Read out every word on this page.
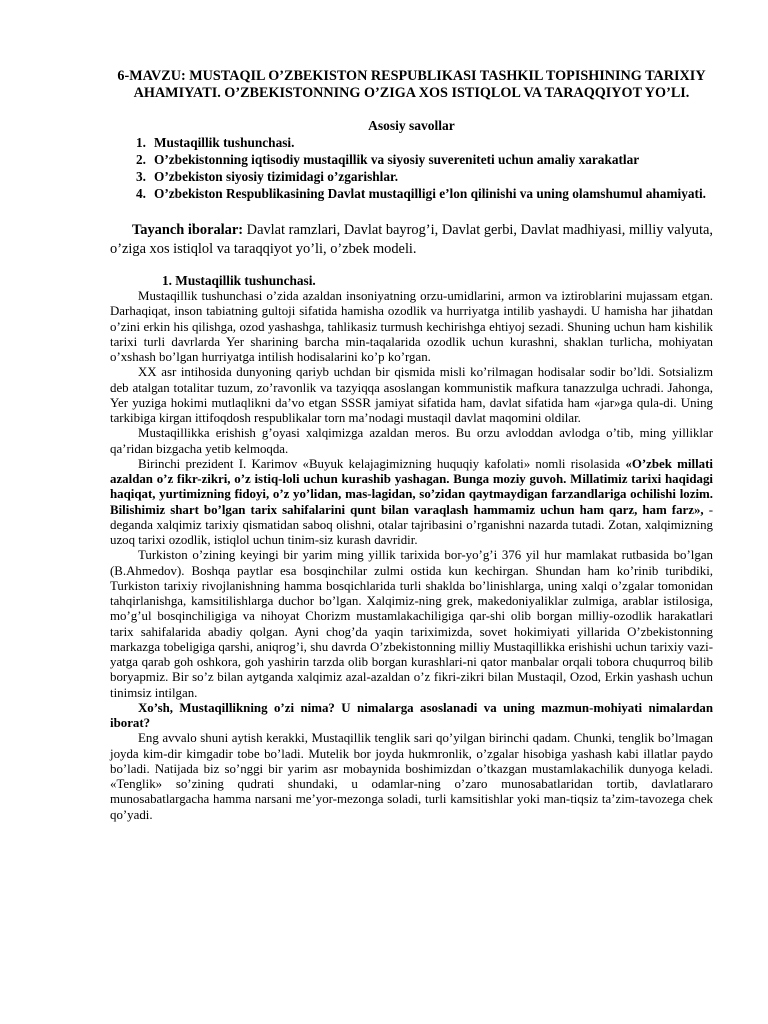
6-MAVZU: MUSTAQIL O’ZBEKISTON RESPUBLIKASI TASHKIL TOPISHINING TARIXIY AHAMIYATI. O’ZBEKISTONNING O’ZIGA XOS ISTIQLOL VA TARAQQIYOT YO’LI.
Asosiy savollar
1. Mustaqillik tushunchasi.
2. O’zbekistonning iqtisodiy mustaqillik va siyosiy suvereniteti uchun amaliy xarakatlar
3. O’zbekiston siyosiy tizimidagi o’zgarishlar.
4. O’zbekiston Respublikasining Davlat mustaqilligi e’lon qilinishi va uning olamshumul ahamiyati.
Tayanch iboralar: Davlat ramzlari, Davlat bayrog’i, Davlat gerbi, Davlat madhiyasi, milliy valyuta, o’ziga xos istiqlol va taraqqiyot yo’li, o’zbek modeli.
1. Mustaqillik tushunchasi.

Mustaqillik tushunchasi o’zida azaldan insoniyatning orzu-umidlarini, armon va iztiroblarini mujassam etgan. Darhaqiqat, inson tabiatning gultoji sifatida hamisha ozodlik va hurriyatga intilib yashaydi. U hamisha har jihatdan o’zini erkin his qilishga, ozod yashashga, tahlikasiz turmush kechirishga ehtiyoj sezadi. Shuning uchun ham kishilik tarixi turli davrlarda Yer sharining barcha min-taqalarida ozodlik uchun kurashni, shaklan turlicha, mohiyatan o’xshash bo’lgan hurriyatga intilish hodisalarini ko’p ko’rgan.

XX asr intihosida dunyoning qariyb uchdan bir qismida misli ko’rilmagan hodisalar sodir bo’ldi. Sotsializm deb atalgan totalitar tuzum, zo’ravonlik va tazyiqqa asoslangan kommunistik mafkura tanazzulga uchradi. Jahonga, Yer yuziga hokimi mutlaqlikni da’vo etgan SSSR jamiyat sifatida ham, davlat sifatida ham «jar»ga qula-di. Uning tarkibiga kirgan ittifoqdosh respublikalar torn ma’nodagi mustaqil davlat maqomini oldilar.

Mustaqillikka erishish g’oyasi xalqimizga azaldan meros. Bu orzu avloddan avlodga o’tib, ming yilliklar qa’ridan bizgacha yetib kelmoqda.

Birinchi prezident I. Karimov «Buyuk kelajagimizning huquqiy kafolati» nomli risolasida «O’zbek millati azaldan o’z fikr-zikri, o’z istiq-loli uchun kurashib yashagan. Bunga moziy guvoh. Millatimiz tarixi haqidagi haqiqat, yurtimizning fidoyi, o’z yo’lidan, mas-lagidan, so’zidan qaytmaydigan farzandlariga ochilishi lozim. Bilishimiz shart bo’lgan tarix sahifalarini qunt bilan varaqlash hammamiz uchun ham qarz, ham farz», - deganda xalqimiz tarixiy qismatidan saboq olishni, otalar tajribasini o’rganishni nazarda tutadi. Zotan, xalqimizning uzoq tarixi ozodlik, istiqlol uchun tinim-siz kurash davridir.

Turkiston o’zining keyingi bir yarim ming yillik tarixida bor-yo’g’i 376 yil hur mamlakat rutbasida bo’lgan (B.Ahmedov). Boshqa paytlar esa bosqinchilar zulmi ostida kun kechirgan. Shundan ham ko’rinib turibdiki, Turkiston tarixiy rivojlanishning hamma bosqichlarida turli shaklda bo’linishlarga, uning xalqi o’zgalar tomonidan tahqirlanishga, kamsitilishlarga duchor bo’lgan. Xalqimiz-ning grek, makedoniyaliklar zulmiga, arablar istilosiga, mo’g’ul bosqinchiligiga va nihoyat Chorizm mustamlakachiligiga qar-shi olib borgan milliy-ozodlik harakatlari tarix sahifalarida abadiy qolgan. Ayni chog’da yaqin tariximizda, sovet hokimiyati yillarida O’zbekistonning markazga tobeligiga qarshi, aniqrog’i, shu davrda O’zbekistonning milliy Mustaqillikka erishishi uchun tarixiy vazi-yatga qarab goh oshkora, goh yashirin tarzda olib borgan kurashlari-ni qator manbalar orqali tobora chuqurroq bilib boryapmiz. Bir so’z bilan aytganda xalqimiz azal-azaldan o’z fikri-zikri bilan Mustaqil, Ozod, Erkin yashash uchun tinimsiz intilgan.

Xo’sh, Mustaqillikning o’zi nima? U nimalarga asoslanadi va uning mazmun-mohiyati nimalardan iborat?

Eng avvalo shuni aytish kerakki, Mustaqillik tenglik sari qo’yilgan birinchi qadam. Chunki, tenglik bo’lmagan joyda kim-dir kimgadir tobe bo’ladi. Mutelik bor joyda hukmronlik, o’zgalar hisobiga yashash kabi illatlar paydo bo’ladi. Natijada biz so’nggi bir yarim asr mobaynida boshimizdan o’tkazgan mustamlakachilik dunyoga keladi. «Tenglik» so’zining qudrati shundaki, u odamlar-ning o’zaro munosabatlaridan tortib, davlatlararo munosabatlargacha hamma narsani me’yor-mezonga soladi, turli kamsitishlar yoki man-tiqsiz ta’zim-tavozega chek qo’yadi.
